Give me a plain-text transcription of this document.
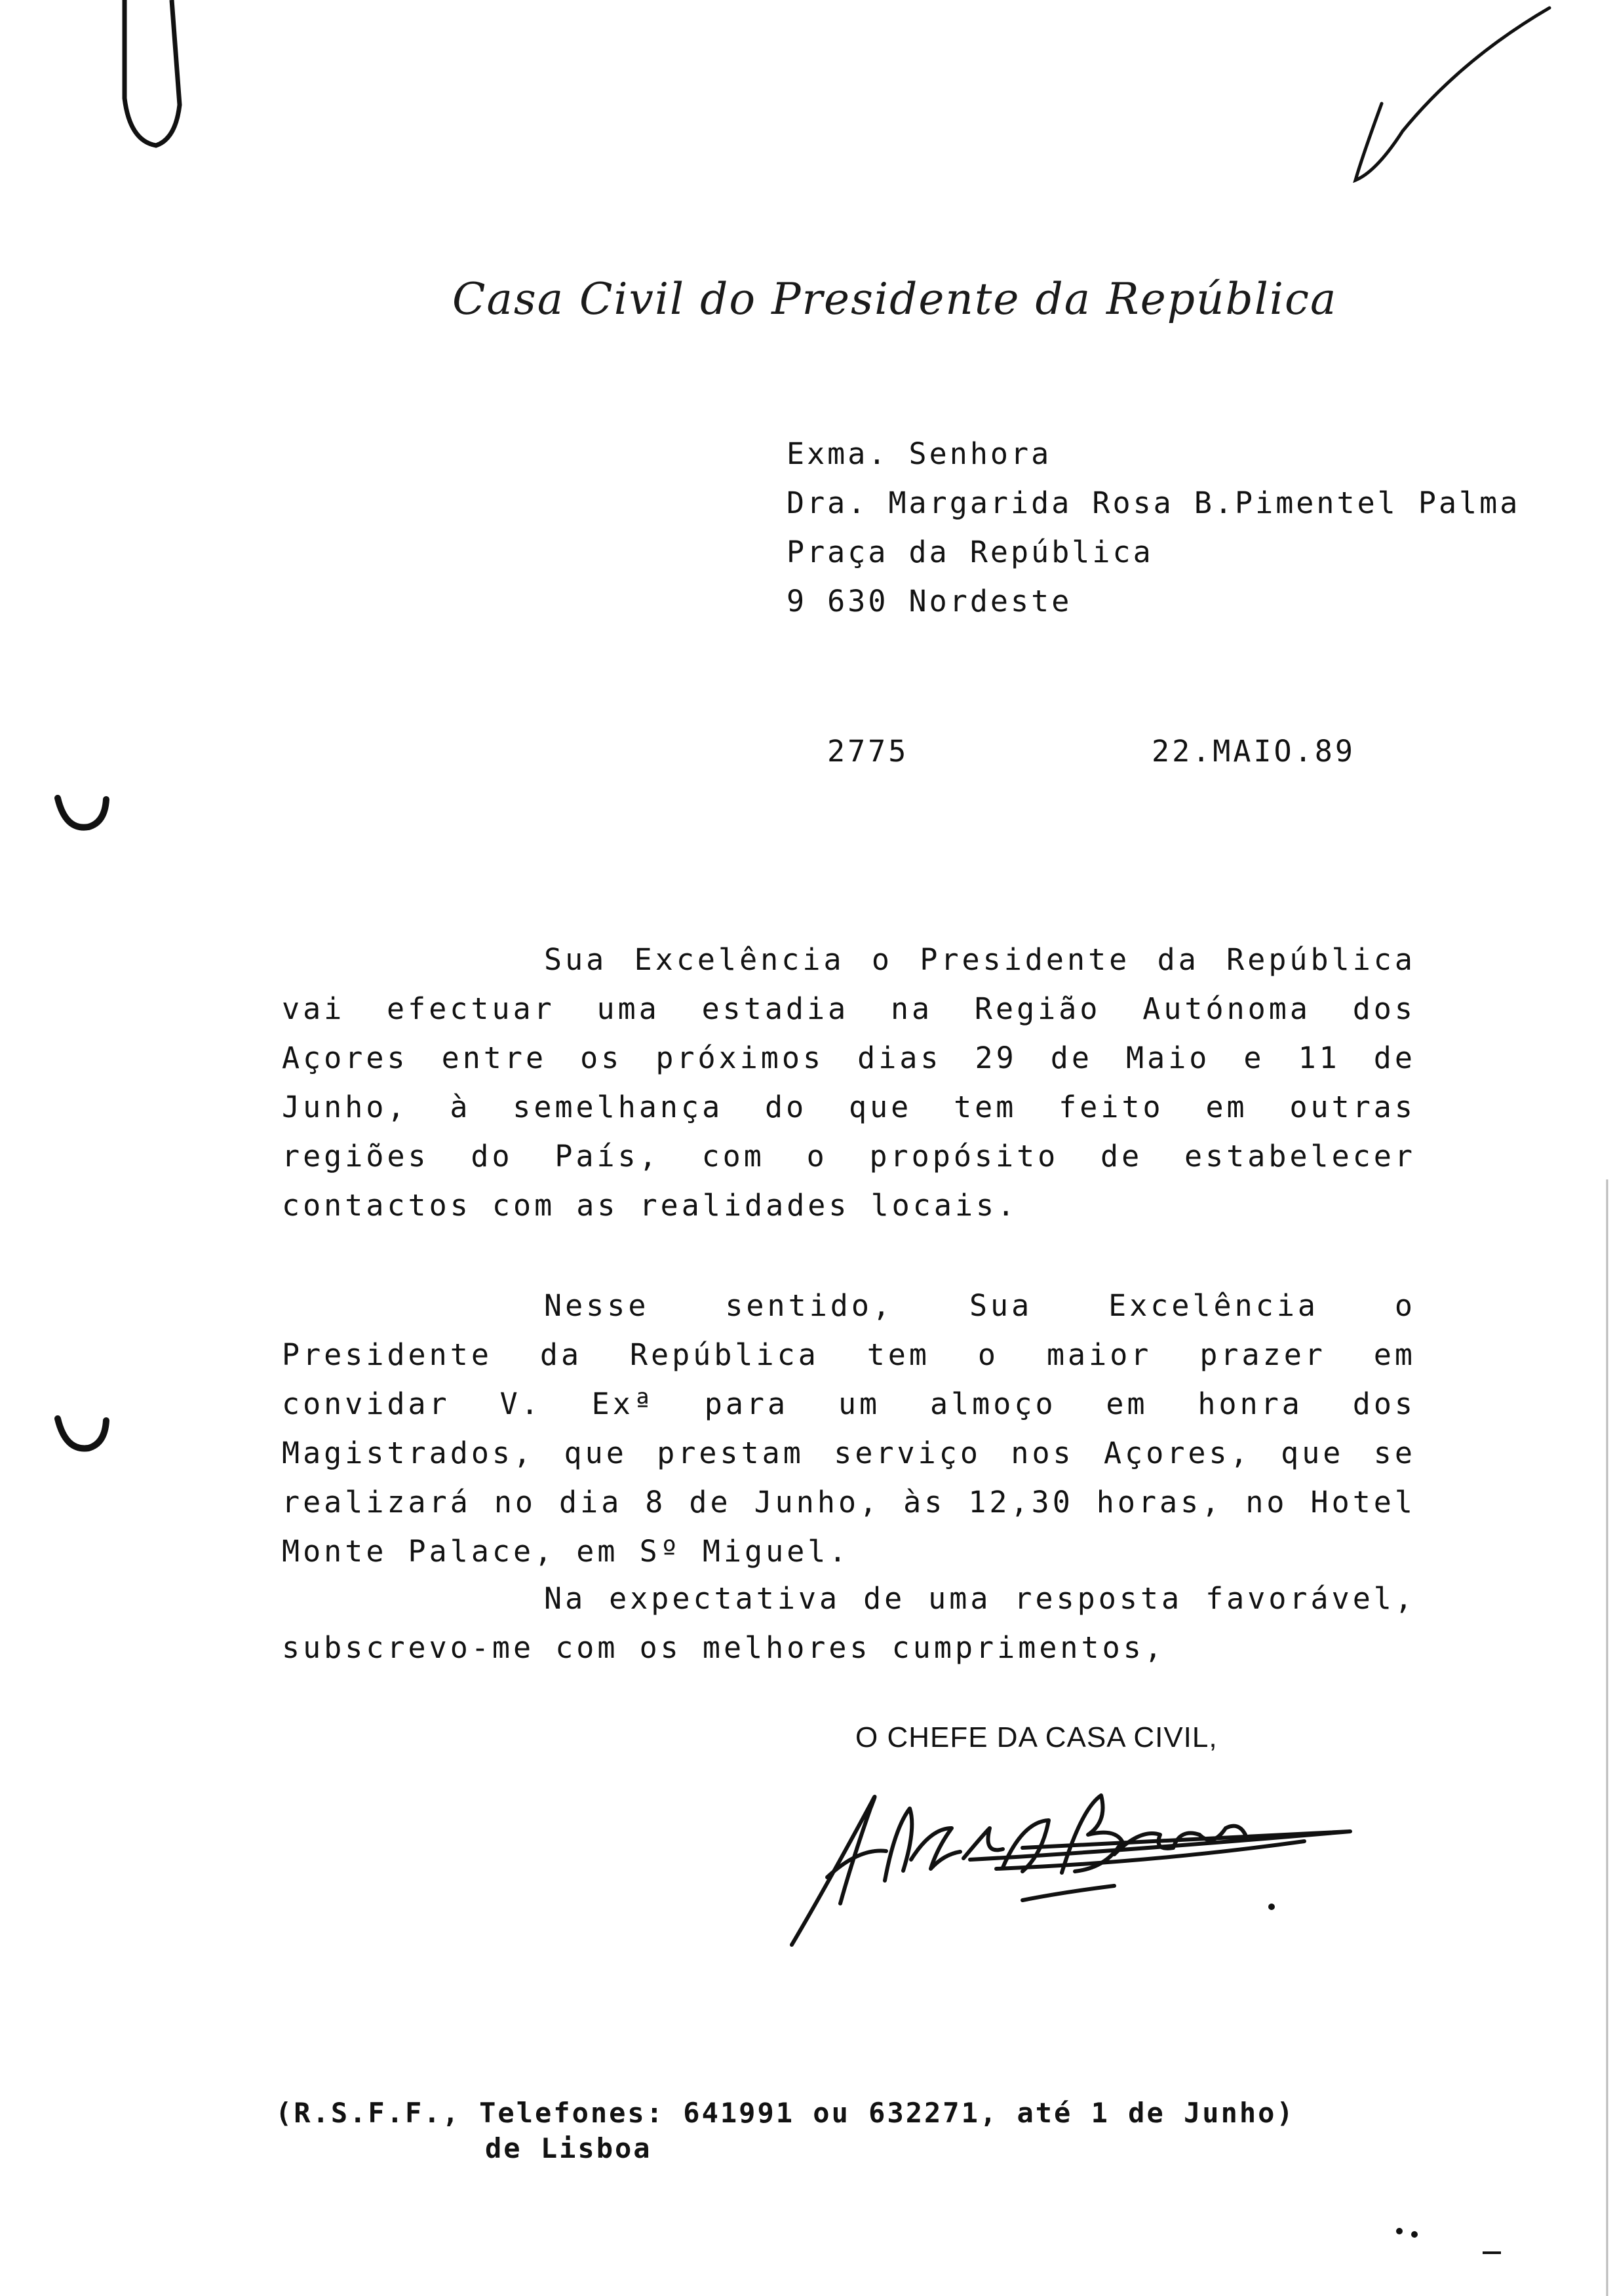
Casa Civil do Presidente da República
Exma. Senhora
Dra. Margarida Rosa B.Pimentel Palma
Praça da República
9 630 Nordeste
2775	22.MAIO.89
Sua Excelência o Presidente da República vai efectuar uma estadia na Região Autónoma dos Açores entre os próximos dias 29 de Maio e 11 de Junho, à semelhança do que tem feito em outras regiões do País, com o propósito de estabelecer contactos com as realidades locais.
Nesse sentido, Sua Excelência o Presidente da República tem o maior prazer em convidar V. Exª para um almoço em honra dos Magistrados, que prestam serviço nos Açores, que se realizará no dia 8 de Junho, às 12,30 horas, no Hotel Monte Palace, em Sº Miguel.
Na expectativa de uma resposta favorável, subscrevo-me com os melhores cumprimentos,
O CHEFE DA CASA CIVIL,
(R.S.F.F., Telefones: 641991 ou 632271, até 1 de Junho)
de Lisboa
